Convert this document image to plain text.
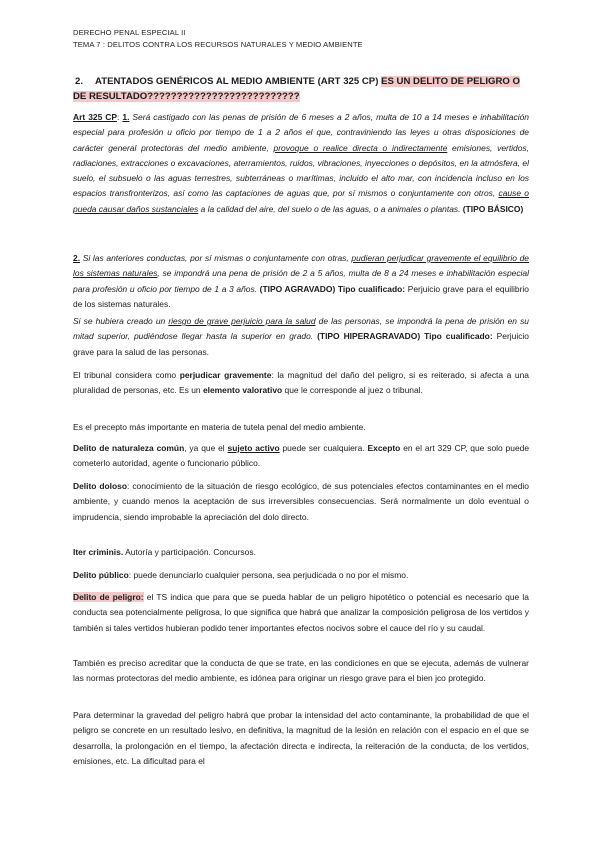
DERECHO PENAL ESPECIAL II
TEMA 7 : DELITOS CONTRA LOS RECURSOS NATURALES Y MEDIO AMBIENTE
2. ATENTADOS GENÉRICOS AL MEDIO AMBIENTE (ART 325 CP) ES UN DELITO DE PELIGRO O DE RESULTADO??????????????????????????

Art 325 CP: 1. Será castigado con las penas de prisión de 6 meses a 2 años, multa de 10 a 14 meses e inhabilitación especial para profesión u oficio por tiempo de 1 a 2 años el que, contraviniendo las leyes u otras disposiciones de carácter general protectoras del medio ambiente, provoque o realice directa o indirectamente emisiones, vertidos, radiaciones, extracciones o excavaciones, aterramientos, ruidos, vibraciones, inyecciones o depósitos, en la atmósfera, el suelo, el subsuelo o las aguas terrestres, subterráneas o marítimas, incluido el alto mar, con incidencia incluso en los espacios transfronterizos, así como las captaciones de aguas que, por sí mismos o conjuntamente con otros, cause o pueda causar daños sustanciales a la calidad del aire, del suelo o de las aguas, o a animales o plantas. (TIPO BÁSICO)

2. Si las anteriores conductas, por sí mismas o conjuntamente con otras, pudieran perjudicar gravemente el equilibrio de los sistemas naturales, se impondrá una pena de prisión de 2 a 5 años, multa de 8 a 24 meses e inhabilitación especial para profesión u oficio por tiempo de 1 a 3 años. (TIPO AGRAVADO) Tipo cualificado: Perjuicio grave para el equilibrio de los sistemas naturales.

Si se hubiera creado un riesgo de grave perjuicio para la salud de las personas, se impondrá la pena de prisión en su mitad superior, pudiéndose llegar hasta la superior en grado. (TIPO HIPERAGRAVADO) Tipo cualificado: Perjuicio grave para la salud de las personas.

El tribunal considera como perjudicar gravemente: la magnitud del daño del peligro, si es reiterado, si afecta a una pluralidad de personas, etc. Es un elemento valorativo que le corresponde al juez o tribunal.

Es el precepto más importante en materia de tutela penal del medio ambiente.

Delito de naturaleza común, ya que el sujeto activo puede ser cualquiera. Excepto en el art 329 CP, que solo puede cometerlo autoridad, agente o funcionario público.

Delito doloso: conocimiento de la situación de riesgo ecológico, de sus potenciales efectos contaminantes en el medio ambiente, y cuando menos la aceptación de sus irreversibles consecuencias. Será normalmente un dolo eventual o imprudencia, siendo improbable la apreciación del dolo directo.

Iter criminis. Autoría y participación. Concursos.

Delito público: puede denunciarlo cualquier persona, sea perjudicada o no por el mismo.

Delito de peligro: el TS indica que para que se pueda hablar de un peligro hipotético o potencial es necesario que la conducta sea potencialmente peligrosa, lo que significa que habrá que analizar la composición peligrosa de los vertidos y también si tales vertidos hubieran podido tener importantes efectos nocivos sobre el cauce del río y su caudal.

También es preciso acreditar que la conducta de que se trate, en las condiciones en que se ejecuta, además de vulnerar las normas protectoras del medio ambiente, es idónea para originar un riesgo grave para el bien jco protegido.

Para determinar la gravedad del peligro habrá que probar la intensidad del acto contaminante, la probabilidad de que el peligro se concrete en un resultado lesivo, en definitiva, la magnitud de la lesión en relación con el espacio en el que se desarrolla, la prolongación en el tiempo, la afectación directa e indirecta, la reiteración de la conducta, de los vertidos, emisiones, etc. La dificultad para el
